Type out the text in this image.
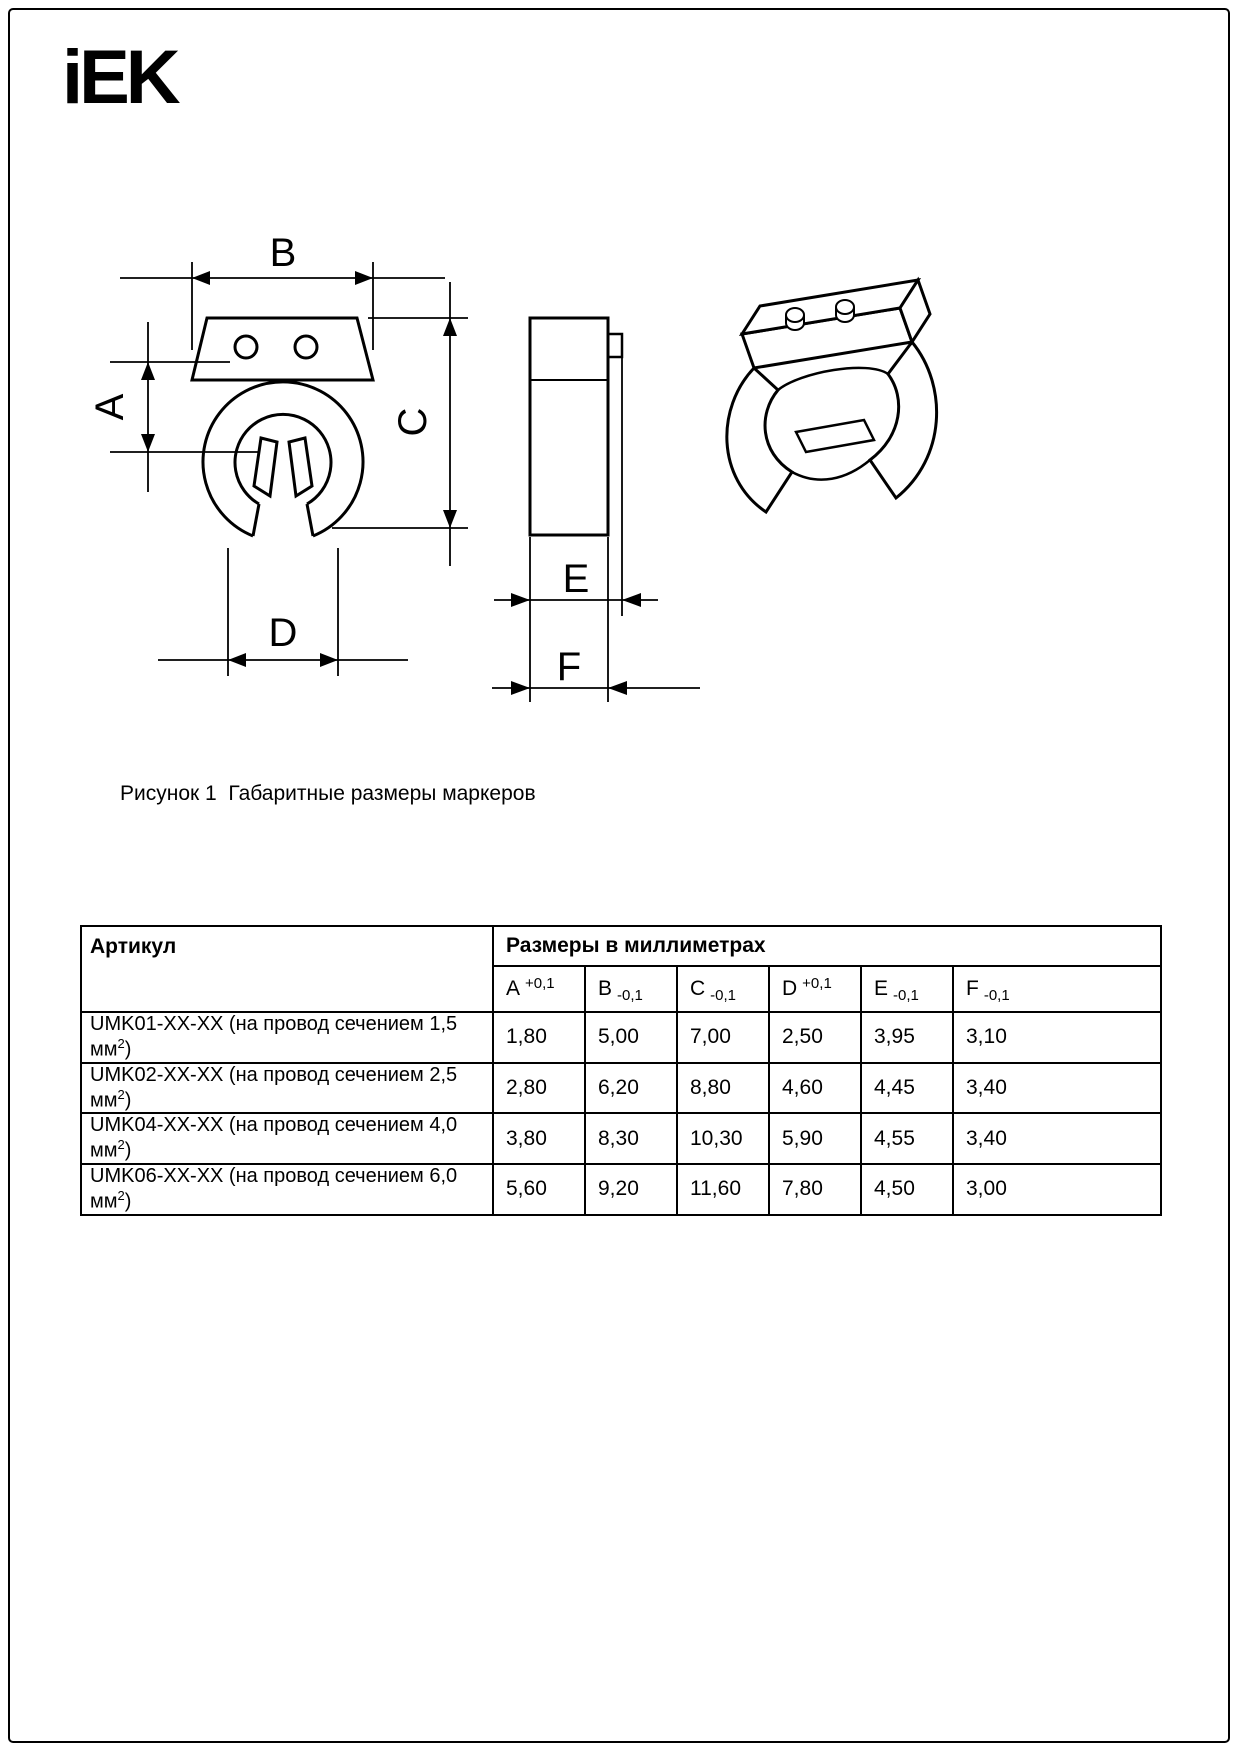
iEK
B
A
C
D
E
F
Рисунок 1  Габаритные размеры маркеров
Артикул	Размеры в миллиметрах					
	A $^{+0,1}$	B $_{-0,1}$	C $_{-0,1}$	D $^{+0,1}$	E $_{-0,1}$	F $_{-0,1}$
UMK01-XX-XX (на провод сечением 1,5 $мм^2$)	1,80	5,00	7,00	2,50	3,95	3,10
UMK02-XX-XX (на провод сечением 2,5 $мм^2$)	2,80	6,20	8,80	4,60	4,45	3,40
UMK04-XX-XX (на провод сечением 4,0 $мм^2$)	3,80	8,30	10,30	5,90	4,55	3,40
UMK06-XX-XX (на провод сечением 6,0 $мм^2$)	5,60	9,20	11,60	7,80	4,50	3,00
